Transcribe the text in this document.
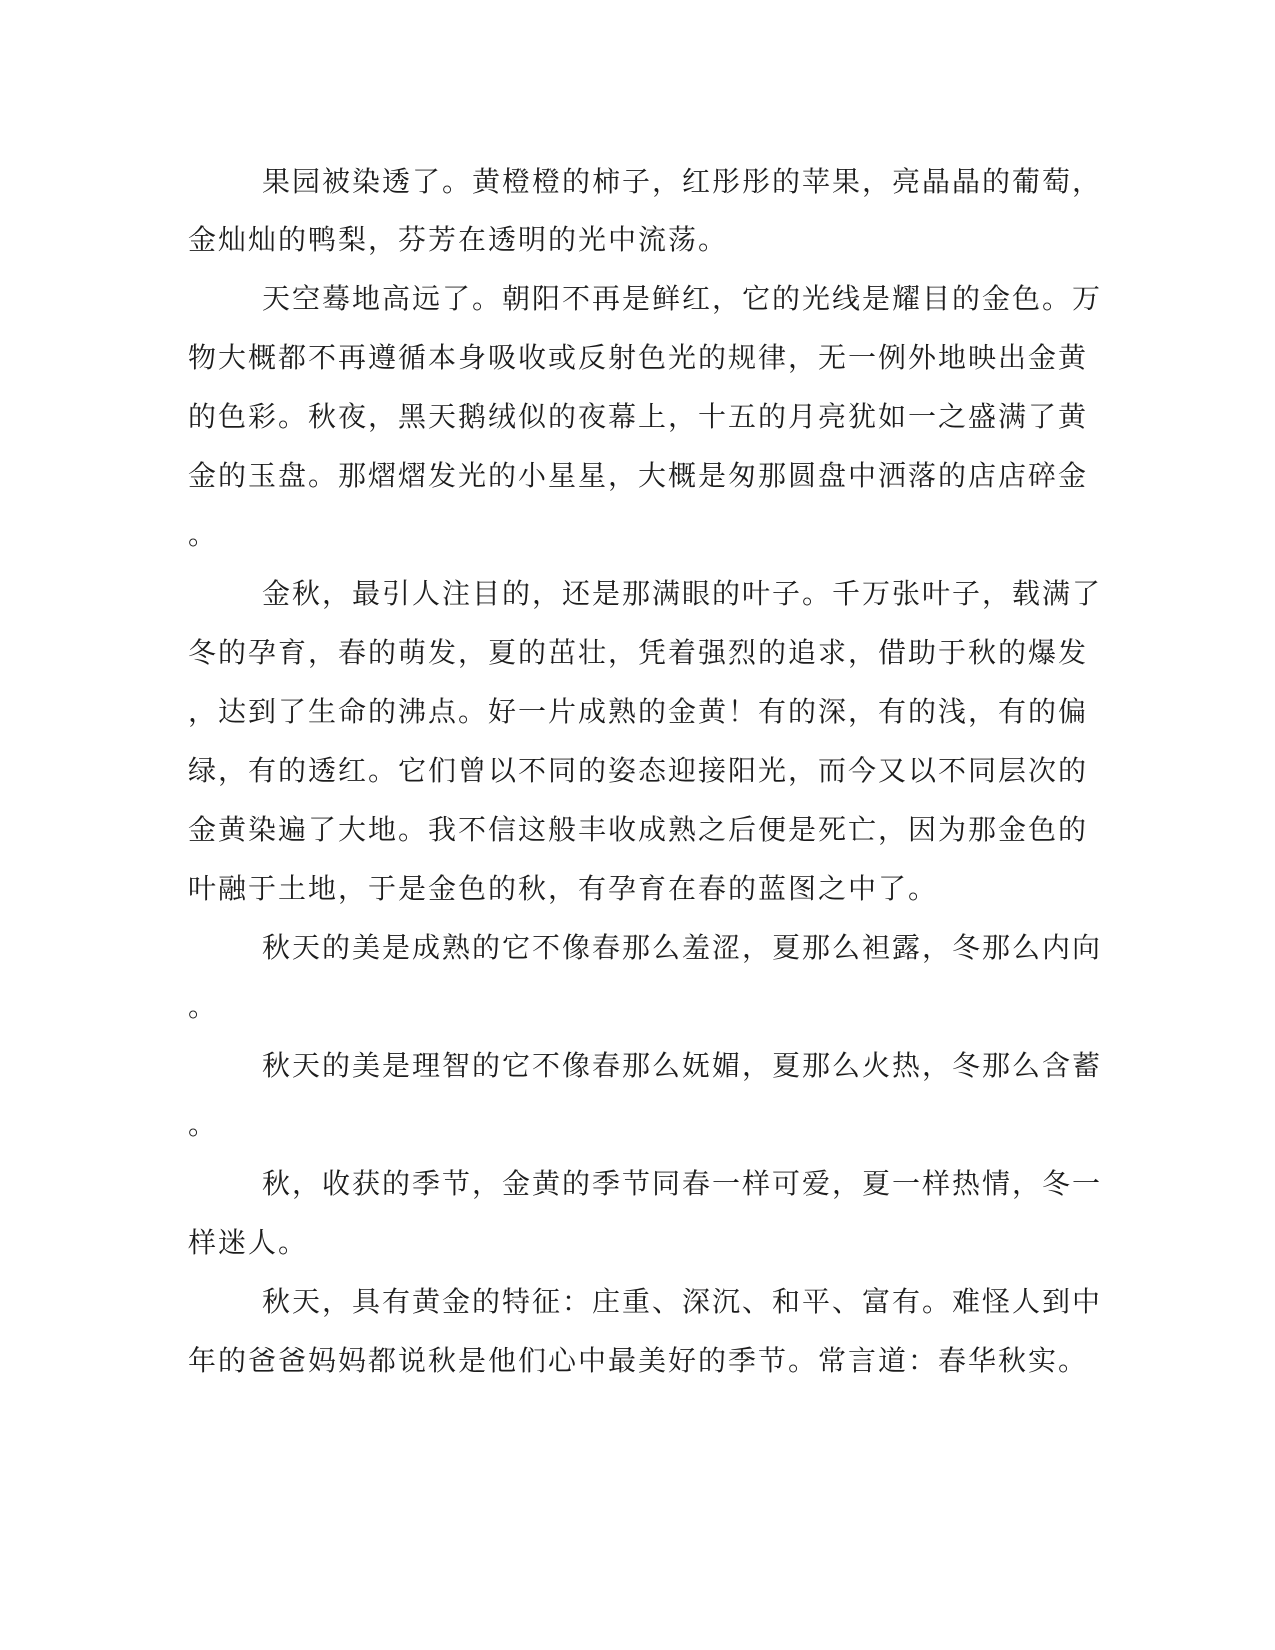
果园被染透了。黄橙橙的柿子，红彤彤的苹果，亮晶晶的葡萄，
金灿灿的鸭梨，芬芳在透明的光中流荡。
天空蓦地高远了。朝阳不再是鲜红，它的光线是耀目的金色。万
物大概都不再遵循本身吸收或反射色光的规律，无一例外地映出金黄
的色彩。秋夜，黑天鹅绒似的夜幕上，十五的月亮犹如一之盛满了黄
金的玉盘。那熠熠发光的小星星，大概是匆那圆盘中洒落的店店碎金
。
金秋，最引人注目的，还是那满眼的叶子。千万张叶子，载满了
冬的孕育，春的萌发，夏的茁壮，凭着强烈的追求，借助于秋的爆发
，达到了生命的沸点。好一片成熟的金黄！有的深，有的浅，有的偏
绿，有的透红。它们曾以不同的姿态迎接阳光，而今又以不同层次的
金黄染遍了大地。我不信这般丰收成熟之后便是死亡，因为那金色的
叶融于土地，于是金色的秋，有孕育在春的蓝图之中了。
秋天的美是成熟的它不像春那么羞涩，夏那么袒露，冬那么内向
。
秋天的美是理智的它不像春那么妩媚，夏那么火热，冬那么含蓄
。
秋，收获的季节，金黄的季节同春一样可爱，夏一样热情，冬一
样迷人。
秋天，具有黄金的特征：庄重、深沉、和平、富有。难怪人到中
年的爸爸妈妈都说秋是他们心中最美好的季节。常言道：春华秋实。
